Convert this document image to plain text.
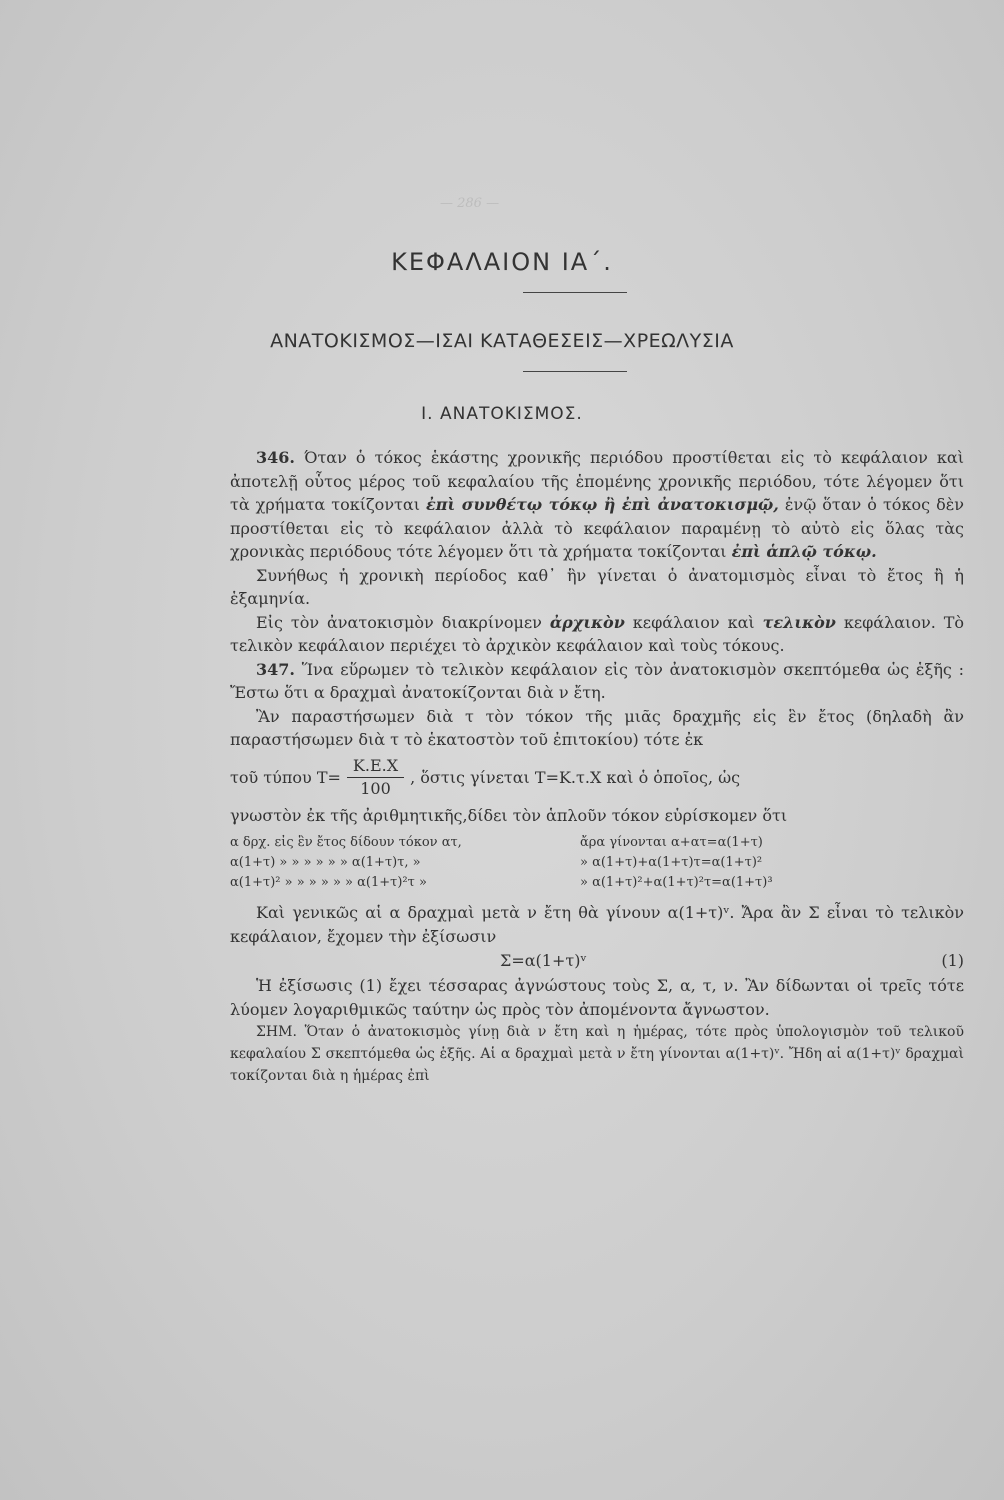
— 286 —
ΚΕΦΑΛΑΙΟΝ ΙΑ΄.
ΑΝΑΤΟΚΙΣΜΟΣ—ΙΣΑΙ ΚΑΤΑΘΕΣΕΙΣ—ΧΡΕΩΛΥΣΙΑ
Ι. ΑΝΑΤΟΚΙΣΜΟΣ.

346. Όταν ὁ τόκος ἑκάστης χρονικῆς περιόδου προστίθεται εἰς τὸ κεφάλαιον καὶ ἀποτελῇ οὗτος μέρος τοῦ κεφαλαίου τῆς ἑπομένης χρονικῆς περιόδου, τότε λέγομεν ὅτι τὰ χρήματα τοκίζονται ἐπὶ συνθέτῳ τόκῳ ἢ ἐπὶ ἀνατοκισμῷ, ἐνῷ ὅταν ὁ τόκος δὲν προστίθεται εἰς τὸ κεφάλαιον ἀλλὰ τὸ κεφάλαιον παραμένῃ τὸ αὐτὸ εἰς ὅλας τὰς χρονικὰς περιόδους τότε λέγομεν ὅτι τὰ χρήματα τοκίζονται ἐπὶ ἁπλῷ τόκῳ.

Συνήθως ἡ χρονικὴ περίοδος καθ᾽ ἣν γίνεται ὁ ἀνατομισμὸς εἶναι τὸ ἔτος ἢ ἡ ἑξαμηνία.

Εἰς τὸν ἀνατοκισμὸν διακρίνομεν ἀρχικὸν κεφάλαιον καὶ τελικὸν κεφάλαιον. Τὸ τελικὸν κεφάλαιον περιέχει τὸ ἀρχικὸν κεφάλαιον καὶ τοὺς τόκους.

347. Ἵνα εὕρωμεν τὸ τελικὸν κεφάλαιον εἰς τὸν ἀνατοκισμὸν σκεπτόμεθα ὡς ἑξῆς : Ἔστω ὅτι α δραχμαὶ ἀνατοκίζονται διὰ ν ἔτη.

Ἂν παραστήσωμεν διὰ τ τὸν τόκον τῆς μιᾶς δραχμῆς εἰς ἓν ἔτος (δηλαδὴ ἂν παραστήσωμεν διὰ τ τὸ ἑκατοστὸν τοῦ ἐπιτοκίου) τότε ἐκ

τοῦ τύπου $T= \frac{K.E.X}{100}$ , ὅστις γίνεται Τ=Κ.τ.Χ καὶ ὁ ὁποῖος, ὡς

γνωστὸν ἐκ τῆς ἀριθμητικῆς,δίδει τὸν ἁπλοῦν τόκον εὑρίσκομεν ὅτι

α δρχ. εἰς ἓν ἔτος δίδουν τόκον ατ,	ἄρα γίνονται α+ατ=α(1+τ)
α(1+τ) » » » » » » α(1+τ)τ, »	» α(1+τ)+α(1+τ)τ=α(1+τ)²
α(1+τ)² » » » » » » α(1+τ)²τ »	» α(1+τ)²+α(1+τ)²τ=α(1+τ)³

Καὶ γενικῶς αἱ α δραχμαὶ μετὰ ν ἔτη θὰ γίνουν α(1+τ)ᵛ. Ἄρα ἂν Σ εἶναι τὸ τελικὸν κεφάλαιον, ἔχομεν τὴν ἐξίσωσιν

Σ=α(1+τ)ᵛ	(1)

Ἡ ἐξίσωσις (1) ἔχει τέσσαρας ἀγνώστους τοὺς Σ, α, τ, ν. Ἂν δίδωνται οἱ τρεῖς τότε λύομεν λογαριθμικῶς ταύτην ὡς πρὸς τὸν ἀπομένοντα ἄγνωστον.

ΣΗΜ. Ὅταν ὁ ἀνατοκισμὸς γίνῃ διὰ ν ἔτη καὶ η ἡμέρας, τότε πρὸς ὑπολογισμὸν τοῦ τελικοῦ κεφαλαίου Σ σκεπτόμεθα ὡς ἑξῆς. Αἱ α δραχμαὶ μετὰ ν ἔτη γίνονται α(1+τ)ᵛ. Ἤδη αἱ α(1+τ)ᵛ δραχμαὶ τοκίζονται διὰ η ἡμέρας ἐπὶ
